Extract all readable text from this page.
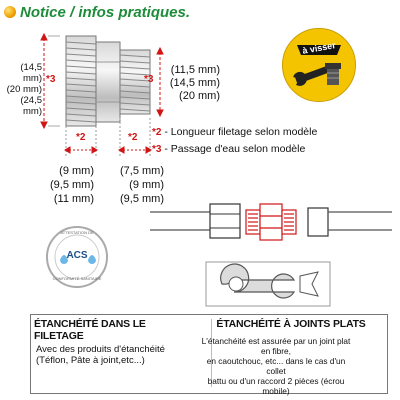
Notice / infos pratiques.
(14,5 mm)
(20 mm)
(24,5 mm)
*3	*3
*2	*2
(11,5 mm)
(14,5 mm)
(20 mm)
*2 - Longueur filetage selon modèle
*3 - Passage d'eau selon modèle
(9 mm)
(9,5 mm)
(11 mm)
(7,5 mm)
(9 mm)
(9,5 mm)
à visser
ATTESTATION DE
ACS
CONFORMITÉ SANITAIRE
ÉTANCHÉITÉ DANS LE FILETAGE
Avec des produits d'étanchéité
(Téflon, Pâte à joint,etc...)
ÉTANCHÉITÉ À JOINTS PLATS
L'étanchéité est assurée par un joint plat en fibre,
en caoutchouc, etc... dans le cas d'un collet
battu ou d'un raccord 2 pièces (écrou mobile)
